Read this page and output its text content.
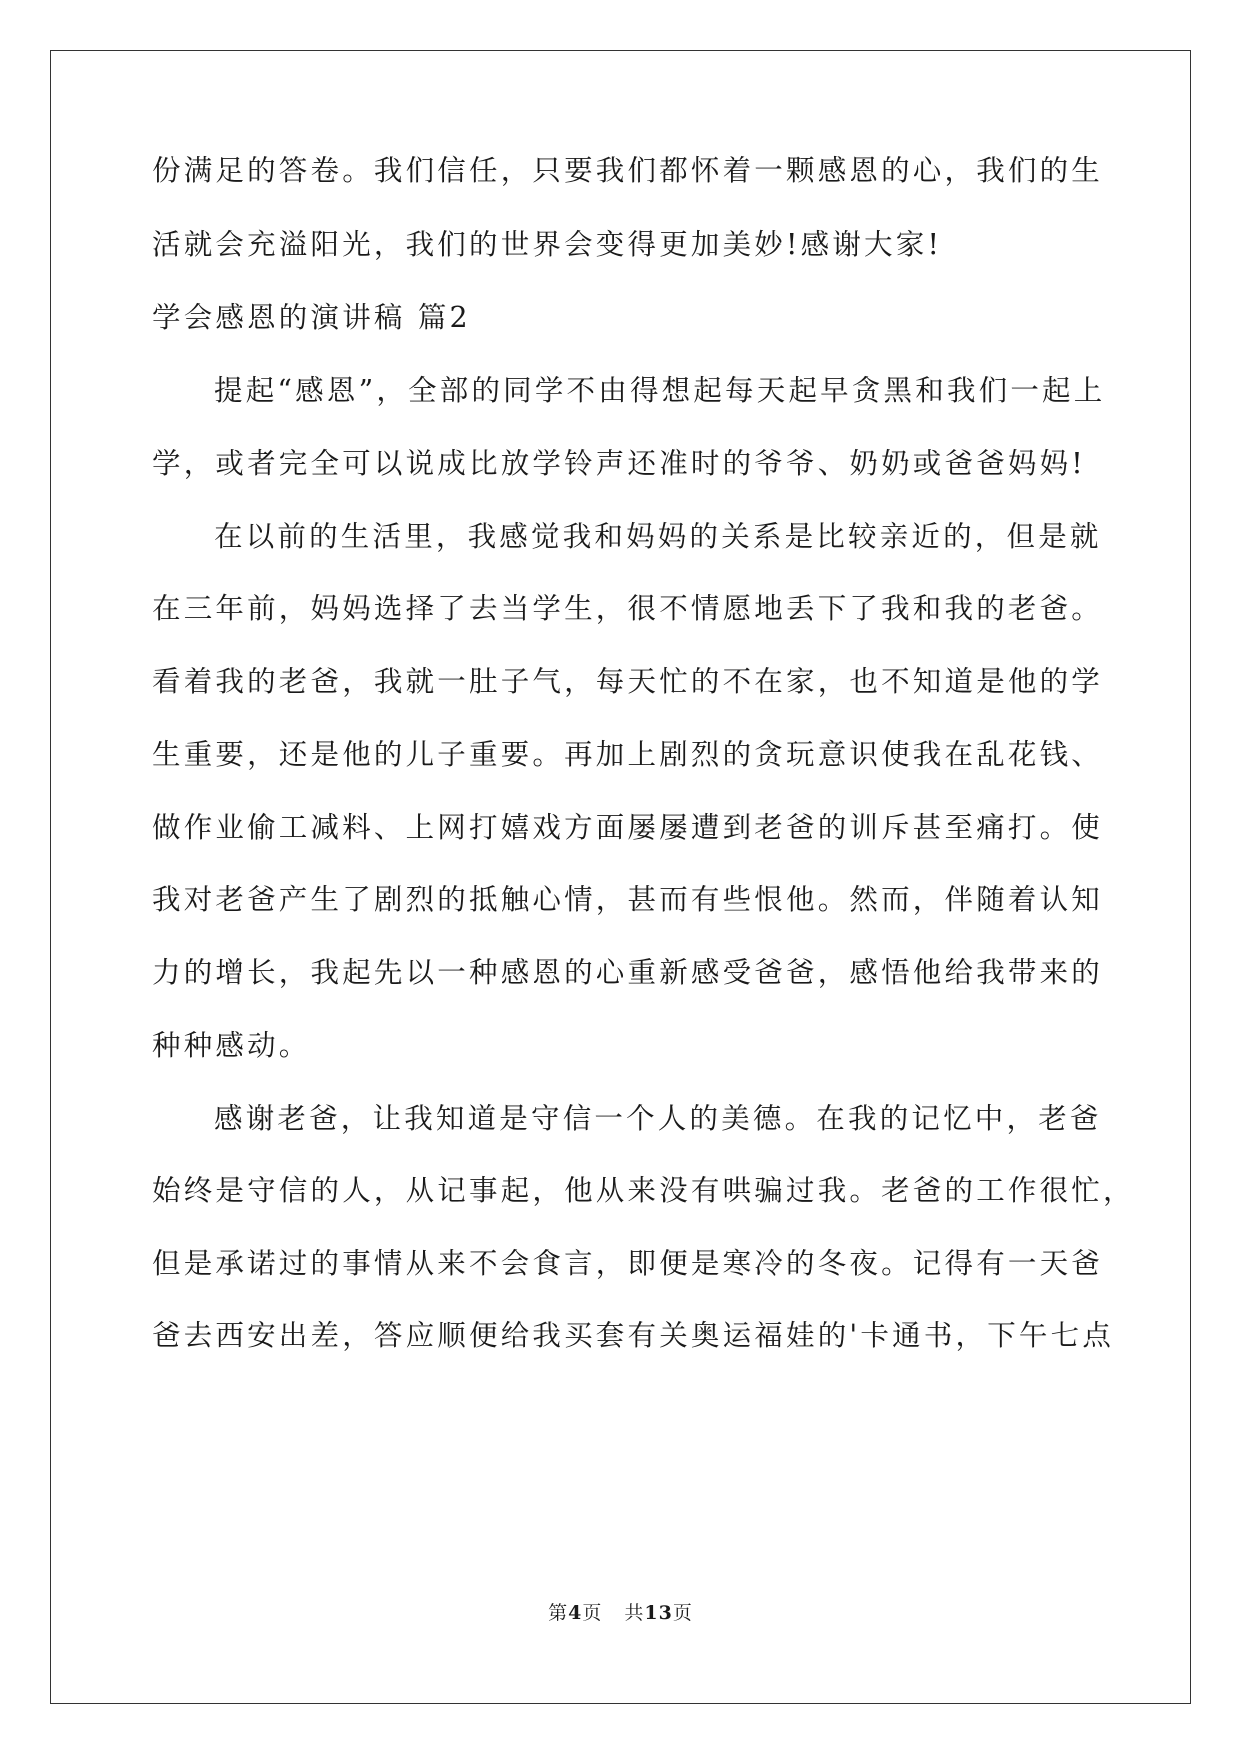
份满足的答卷。我们信任，只要我们都怀着一颗感恩的心，我们的生
活就会充溢阳光，我们的世界会变得更加美妙!感谢大家!
学会感恩的演讲稿 篇2
提起“感恩”，全部的同学不由得想起每天起早贪黑和我们一起上
学，或者完全可以说成比放学铃声还准时的爷爷、奶奶或爸爸妈妈!
在以前的生活里，我感觉我和妈妈的关系是比较亲近的，但是就
在三年前，妈妈选择了去当学生，很不情愿地丢下了我和我的老爸。
看着我的老爸，我就一肚子气，每天忙的不在家，也不知道是他的学
生重要，还是他的儿子重要。再加上剧烈的贪玩意识使我在乱花钱、
做作业偷工减料、上网打嬉戏方面屡屡遭到老爸的训斥甚至痛打。使
我对老爸产生了剧烈的抵触心情，甚而有些恨他。然而，伴随着认知
力的增长，我起先以一种感恩的心重新感受爸爸，感悟他给我带来的
种种感动。
感谢老爸，让我知道是守信一个人的美德。在我的记忆中，老爸
始终是守信的人，从记事起，他从来没有哄骗过我。老爸的工作很忙，
但是承诺过的事情从来不会食言，即便是寒冷的冬夜。记得有一天爸
爸去西安出差，答应顺便给我买套有关奥运福娃的'卡通书，下午七点
第4页 共13页
